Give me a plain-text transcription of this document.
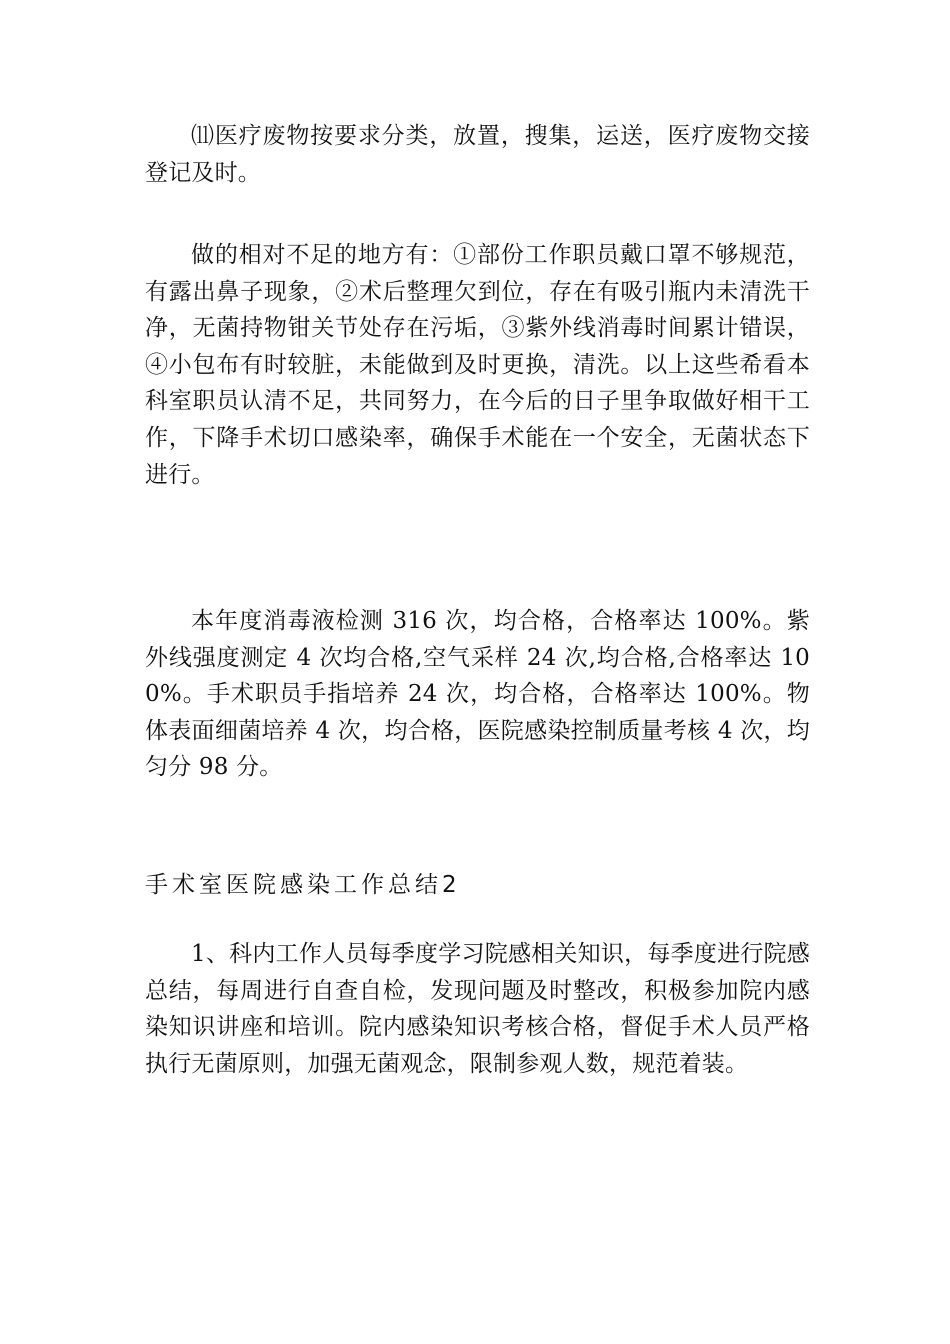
⑾医疗废物按要求分类，放置，搜集，运送，医疗废物交接登记及时。

做的相对不足的地方有：①部份工作职员戴口罩不够规范，有露出鼻子现象，②术后整理欠到位，存在有吸引瓶内未清洗干净，无菌持物钳关节处存在污垢，③紫外线消毒时间累计错误，④小包布有时较脏，未能做到及时更换，清洗。以上这些希看本科室职员认清不足，共同努力，在今后的日子里争取做好相干工作，下降手术切口感染率，确保手术能在一个安全，无菌状态下进行。

本年度消毒液检测 316 次，均合格，合格率达 100%。紫外线强度测定 4 次均合格,空气采样 24 次,均合格,合格率达 100%。手术职员手指培养 24 次，均合格，合格率达 100%。物体表面细菌培养 4 次，均合格，医院感染控制质量考核 4 次，均匀分 98 分。

手术室医院感染工作总结2

1、科内工作人员每季度学习院感相关知识，每季度进行院感总结，每周进行自查自检，发现问题及时整改，积极参加院内感染知识讲座和培训。院内感染知识考核合格，督促手术人员严格执行无菌原则，加强无菌观念，限制参观人数，规范着装。
